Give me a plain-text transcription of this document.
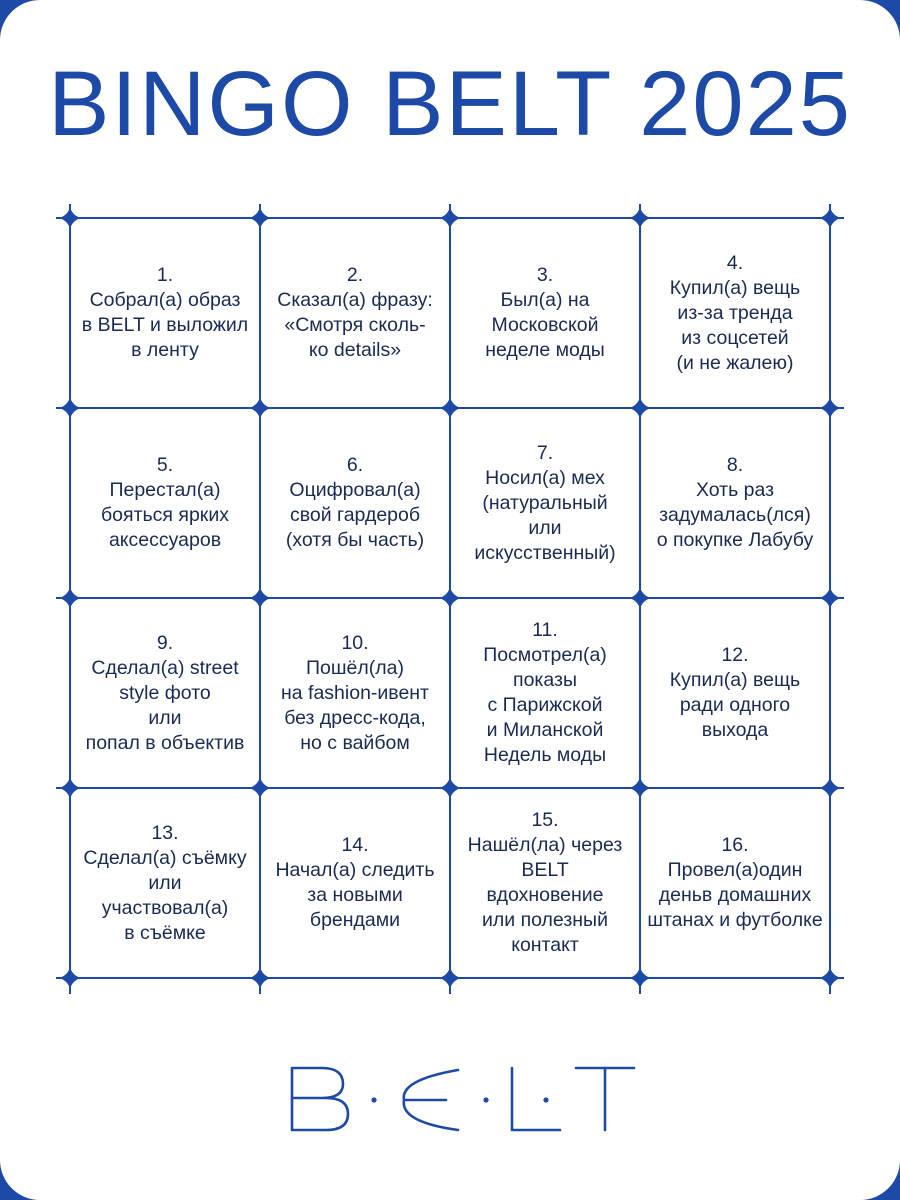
BINGO BELT 2025
1.
Собрал(а) образ
в BELT и выложил
в ленту
2.
Сказал(а) фразу:
«Смотря сколь-
ко details»
3.
Был(а) на
Московской
неделе моды
4.
Купил(а) вещь
из-за тренда
из соцсетей
(и не жалею)
5.
Перестал(а)
бояться ярких
аксессуаров
6.
Оцифровал(а)
свой гардероб
(хотя бы часть)
7.
Носил(а) мех
(натуральный
или
искусственный)
8.
Хоть раз
задумалась(лся)
о покупке Лабубу
9.
Сделал(а) street
style фото
или
попал в объектив
10.
Пошёл(ла)
на fashion-ивент
без дресс-кода,
но с вайбом
11.
Посмотрел(а)
показы
с Парижской
и Миланской
Недель моды
12.
Купил(а) вещь
ради одного
выхода
13.
Сделал(а) съёмку
или
участвовал(а)
в съёмке
14.
Начал(а) следить
за новыми
брендами
15.
Нашёл(ла) через
BELT
вдохновение
или полезный
контакт
16.
Провел(а)один
деньв домашних
штанах и футболке
